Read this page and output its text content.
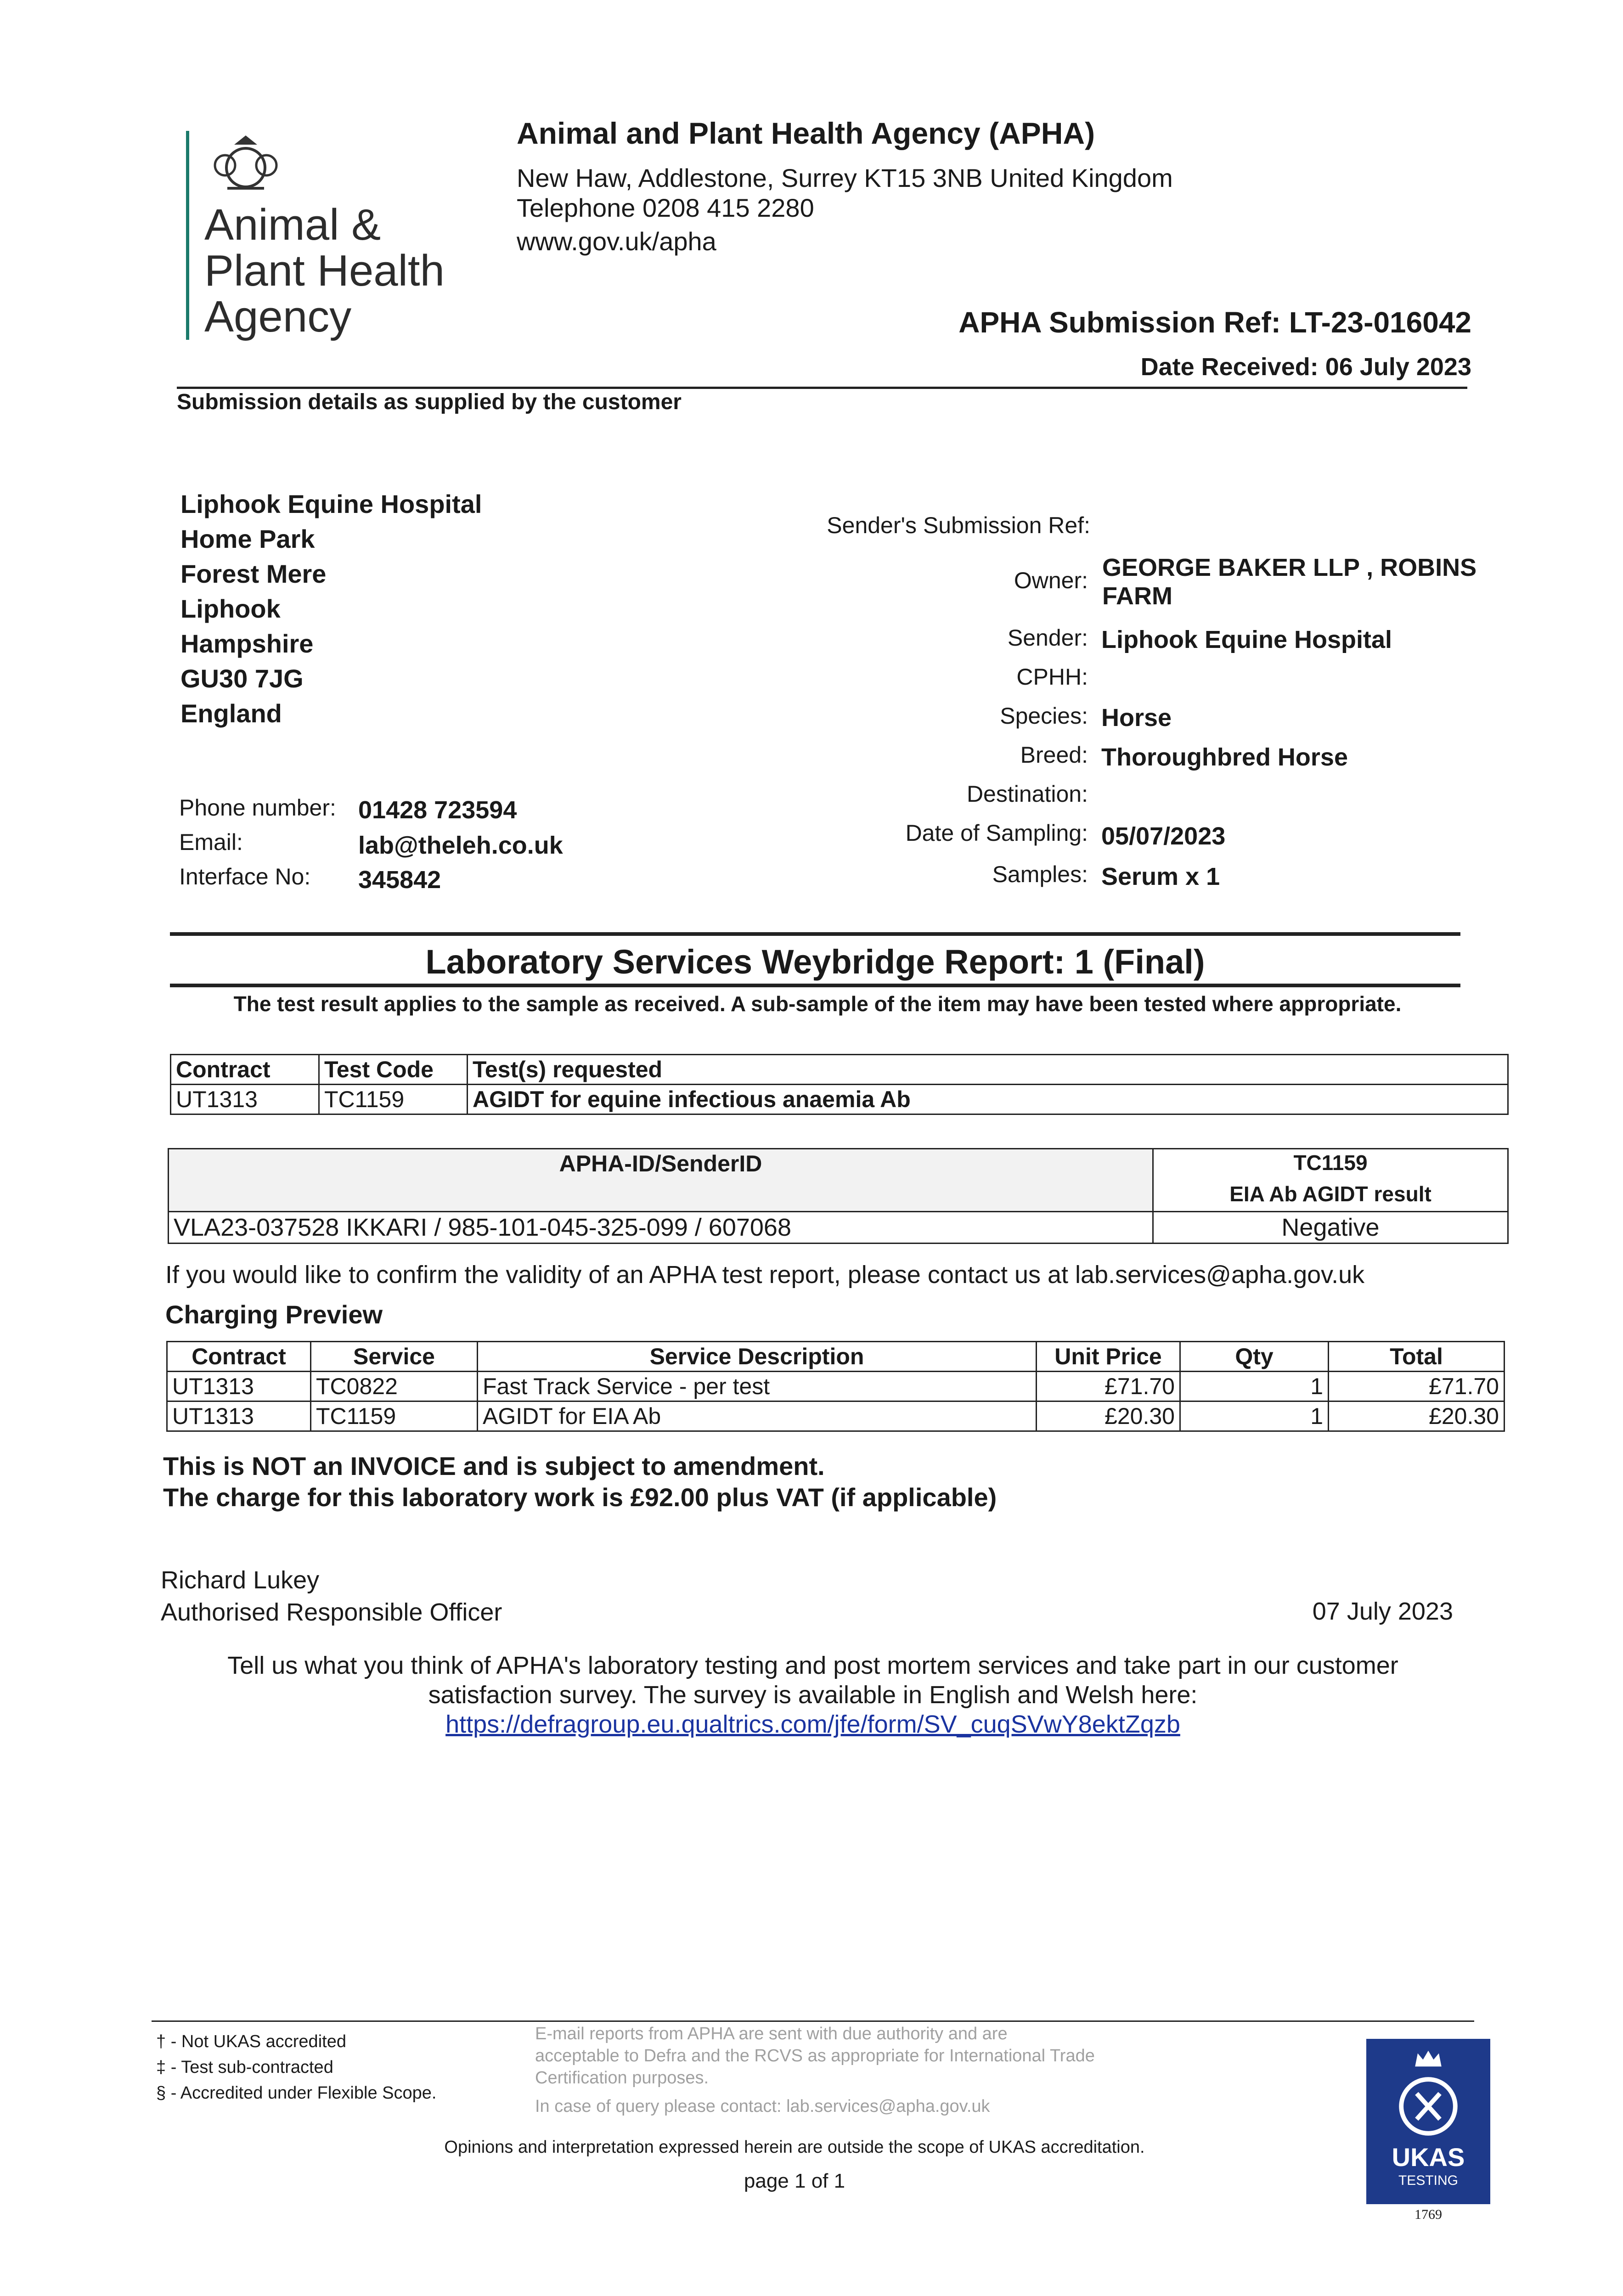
Animal &
Plant Health
Agency
Animal and Plant Health Agency (APHA)
New Haw, Addlestone, Surrey KT15 3NB United Kingdom
Telephone 0208 415 2280
www.gov.uk/apha
APHA Submission Ref: LT-23-016042
Date Received: 06 July 2023
Submission details as supplied by the customer
Liphook Equine Hospital
Home Park
Forest Mere
Liphook
Hampshire
GU30 7JG
England
Phone number: 01428 723594
Email:	lab@theleh.co.uk
Interface No: 345842
Sender's Submission Ref:
Owner: GEORGE BAKER LLP , ROBINS FARM
Sender: Liphook Equine Hospital
CPHH:
Species: Horse
Breed: Thoroughbred Horse
Destination:
Date of Sampling: 05/07/2023
Samples: Serum x 1
Laboratory Services Weybridge Report: 1 (Final)
The test result applies to the sample as received. A sub-sample of the item may have been tested where appropriate.
Contract	Test Code	Test(s) requested
UT1313	TC1159	AGIDT for equine infectious anaemia Ab
APHA-ID/SenderID	TC1159
EIA Ab AGIDT result

VLA23-037528 IKKARI / 985-101-045-325-099 / 607068	Negative
If you would like to confirm the validity of an APHA test report, please contact us at lab.services@apha.gov.uk
Charging Preview
Contract	Service	Service Description	Unit Price	Qty	Total
UT1313	TC0822	Fast Track Service - per test	£71.70	1	£71.70
UT1313	TC1159	AGIDT for EIA Ab	£20.30	1	£20.30
This is NOT an INVOICE and is subject to amendment.
The charge for this laboratory work is £92.00 plus VAT (if applicable)
Richard Lukey
Authorised Responsible Officer	07 July 2023
Tell us what you think of APHA's laboratory testing and post mortem services and take part in our customer
satisfaction survey. The survey is available in English and Welsh here:
https://defragroup.eu.qualtrics.com/jfe/form/SV_cuqSVwY8ektZqzb
† - Not UKAS accredited
‡ - Test sub-contracted
§ - Accredited under Flexible Scope.
E-mail reports from APHA are sent with due authority and are
acceptable to Defra and the RCVS as appropriate for International Trade
Certification purposes.
In case of query please contact: lab.services@apha.gov.uk
Opinions and interpretation expressed herein are outside the scope of UKAS accreditation.
page 1 of 1
UKAS
TESTING
1769
